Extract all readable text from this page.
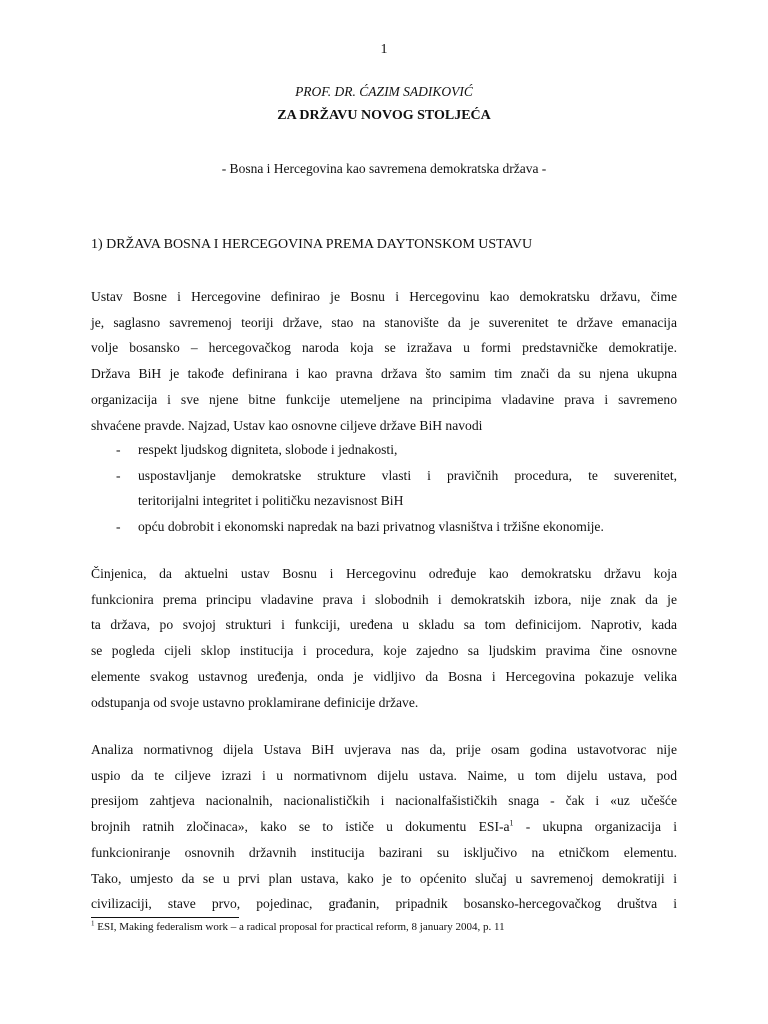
1
PROF. DR. ĆAZIM SADIKOVIĆ
ZA DRŽAVU NOVOG STOLJEĆA
- Bosna i Hercegovina kao savremena demokratska država -
1) DRŽAVA BOSNA I HERCEGOVINA PREMA DAYTONSKOM USTAVU
Ustav Bosne i Hercegovine definirao je Bosnu i Hercegovinu kao demokratsku državu, čime
je, saglasno savremenoj teoriji države, stao na stanovište da je suverenitet te države emanacija
volje bosansko – hercegovačkog naroda koja se izražava u formi predstavničke demokratije.
Država BiH je takođe definirana i kao pravna država što samim tim znači da su njena ukupna
organizacija i sve njene bitne funkcije utemeljene na principima vladavine prava i savremeno
shvaćene pravde. Najzad, Ustav kao osnovne ciljeve države BiH navodi
- respekt ljudskog digniteta, slobode i jednakosti,
- uspostavljanje demokratske strukture vlasti i pravičnih procedura, te suverenitet,
teritorijalni integritet i političku nezavisnost BiH
- opću dobrobit i ekonomski napredak na bazi privatnog vlasništva i tržišne ekonomije.
Činjenica, da aktuelni ustav Bosnu i Hercegovinu određuje kao demokratsku državu koja
funkcionira prema principu vladavine prava i slobodnih i demokratskih izbora, nije znak da je
ta država, po svojoj strukturi i funkciji, uređena u skladu sa tom definicijom. Naprotiv, kada
se pogleda cijeli sklop institucija i procedura, koje zajedno sa ljudskim pravima čine osnovne
elemente svakog ustavnog uređenja, onda je vidljivo da Bosna i Hercegovina pokazuje velika
odstupanja od svoje ustavno proklamirane definicije države.
Analiza normativnog dijela Ustava BiH uvjerava nas da, prije osam godina ustavotvorac nije
uspio da te ciljeve izrazi i u normativnom dijelu ustava. Naime, u tom dijelu ustava, pod
presijom zahtjeva nacionalnih, nacionalističkih i nacionalfašističkih snaga - čak i «uz učešće
brojnih ratnih zločinaca», kako se to ističe u dokumentu ESI-$a^1$ - ukupna organizacija i
funkcioniranje osnovnih državnih institucija bazirani su isključivo na etničkom elementu.
Tako, umjesto da se u prvi plan ustava, kako je to općenito slučaj u savremenoj demokratiji i
civilizaciji, stave prvo, pojedinac, građanin, pripadnik bosansko-hercegovačkog društva i
$^1$ ESI, Making federalism work – a radical proposal for practical reform, 8 january 2004, p. 11
